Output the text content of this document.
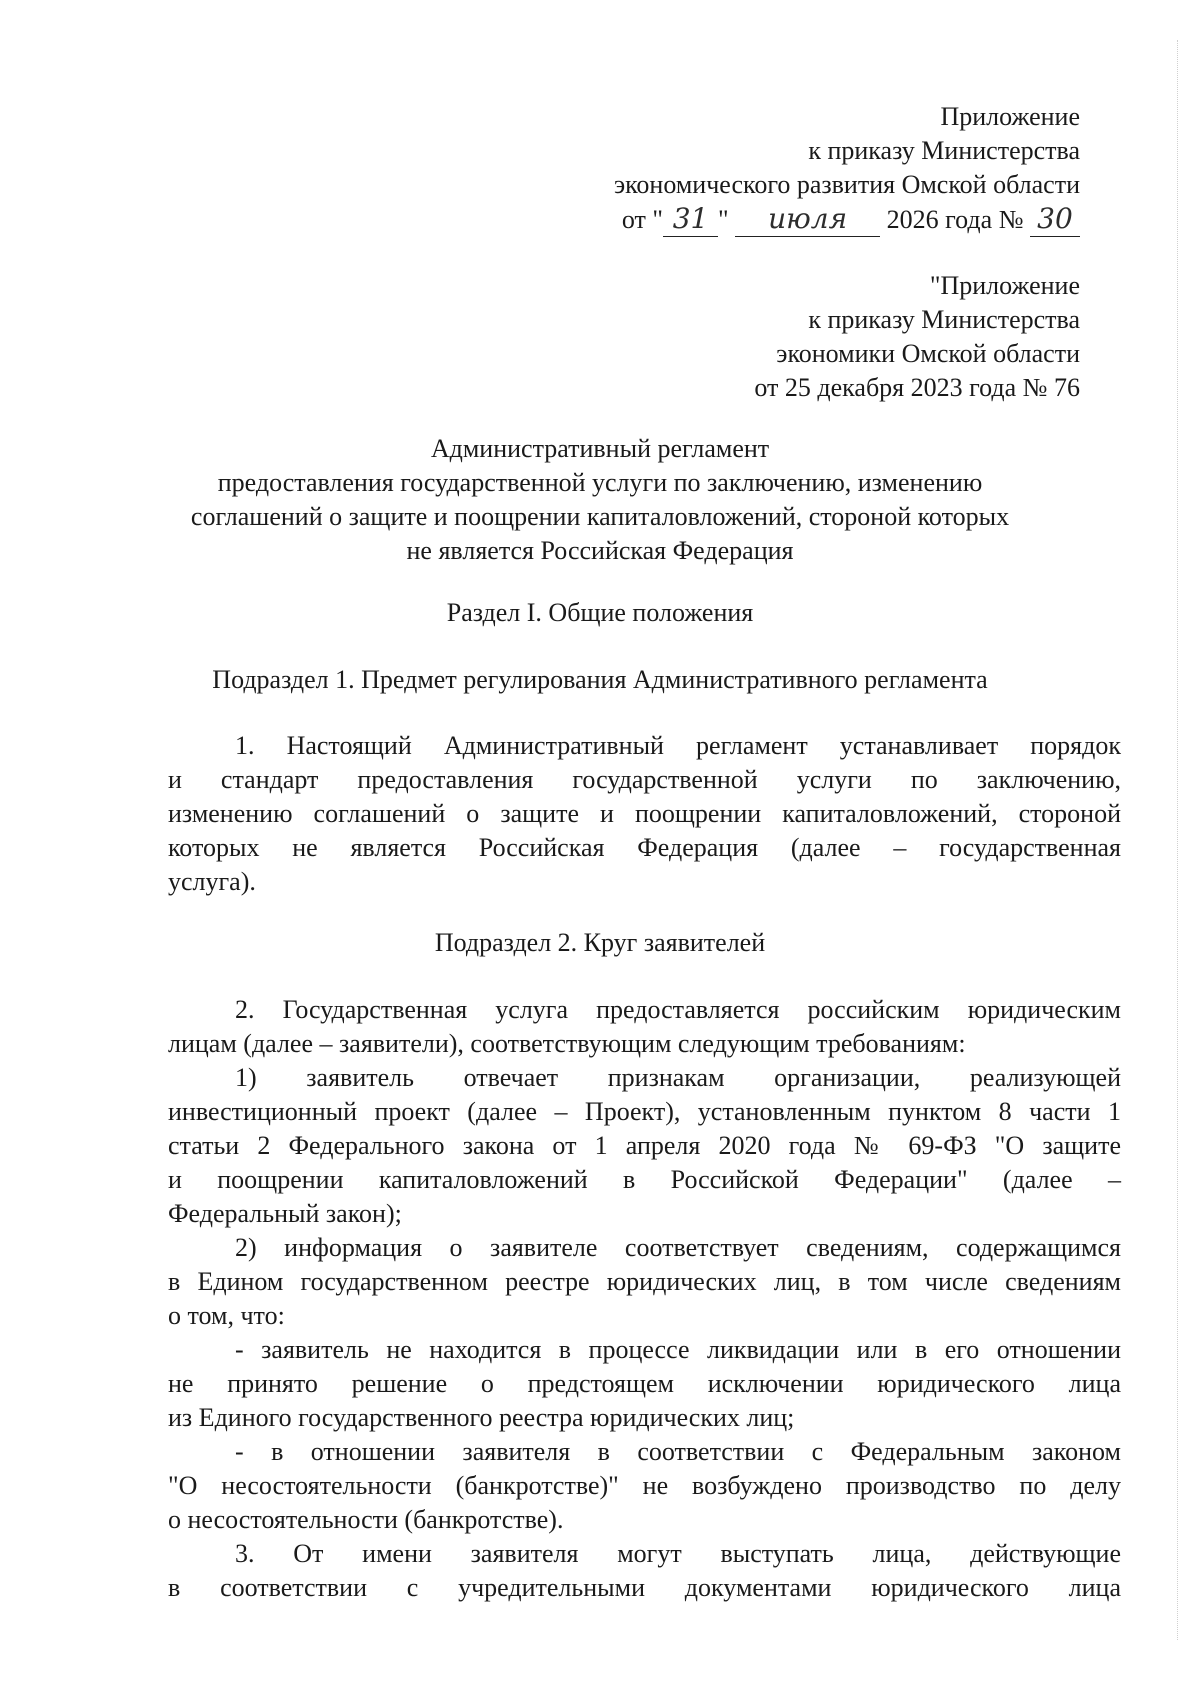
Приложение
к приказу Министерства
экономического развития Омской области
от " 31 " июля 2026 года № 30
"Приложение
к приказу Министерства
экономики Омской области
от 25 декабря 2023 года № 76
Административный регламент
предоставления государственной услуги по заключению, изменению
соглашений о защите и поощрении капиталовложений, стороной которых
не является Российская Федерация
Раздел I. Общие положения
Подраздел 1. Предмет регулирования Административного регламента
1. Настоящий Административный регламент устанавливает порядок
и стандарт предоставления государственной услуги по заключению,
изменению соглашений о защите и поощрении капиталовложений, стороной
которых не является Российская Федерация (далее – государственная
услуга).
Подраздел 2. Круг заявителей
2. Государственная услуга предоставляется российским юридическим
лицам (далее – заявители), соответствующим следующим требованиям:
1) заявитель отвечает признакам организации, реализующей
инвестиционный проект (далее – Проект), установленным пунктом 8 части 1
статьи 2 Федерального закона от 1 апреля 2020 года № 69-ФЗ "О защите
и поощрении капиталовложений в Российской Федерации" (далее –
Федеральный закон);
2) информация о заявителе соответствует сведениям, содержащимся
в Едином государственном реестре юридических лиц, в том числе сведениям
о том, что:
- заявитель не находится в процессе ликвидации или в его отношении
не принято решение о предстоящем исключении юридического лица
из Единого государственного реестра юридических лиц;
- в отношении заявителя в соответствии с Федеральным законом
"О несостоятельности (банкротстве)" не возбуждено производство по делу
о несостоятельности (банкротстве).
3. От имени заявителя могут выступать лица, действующие
в соответствии с учредительными документами юридического лица
